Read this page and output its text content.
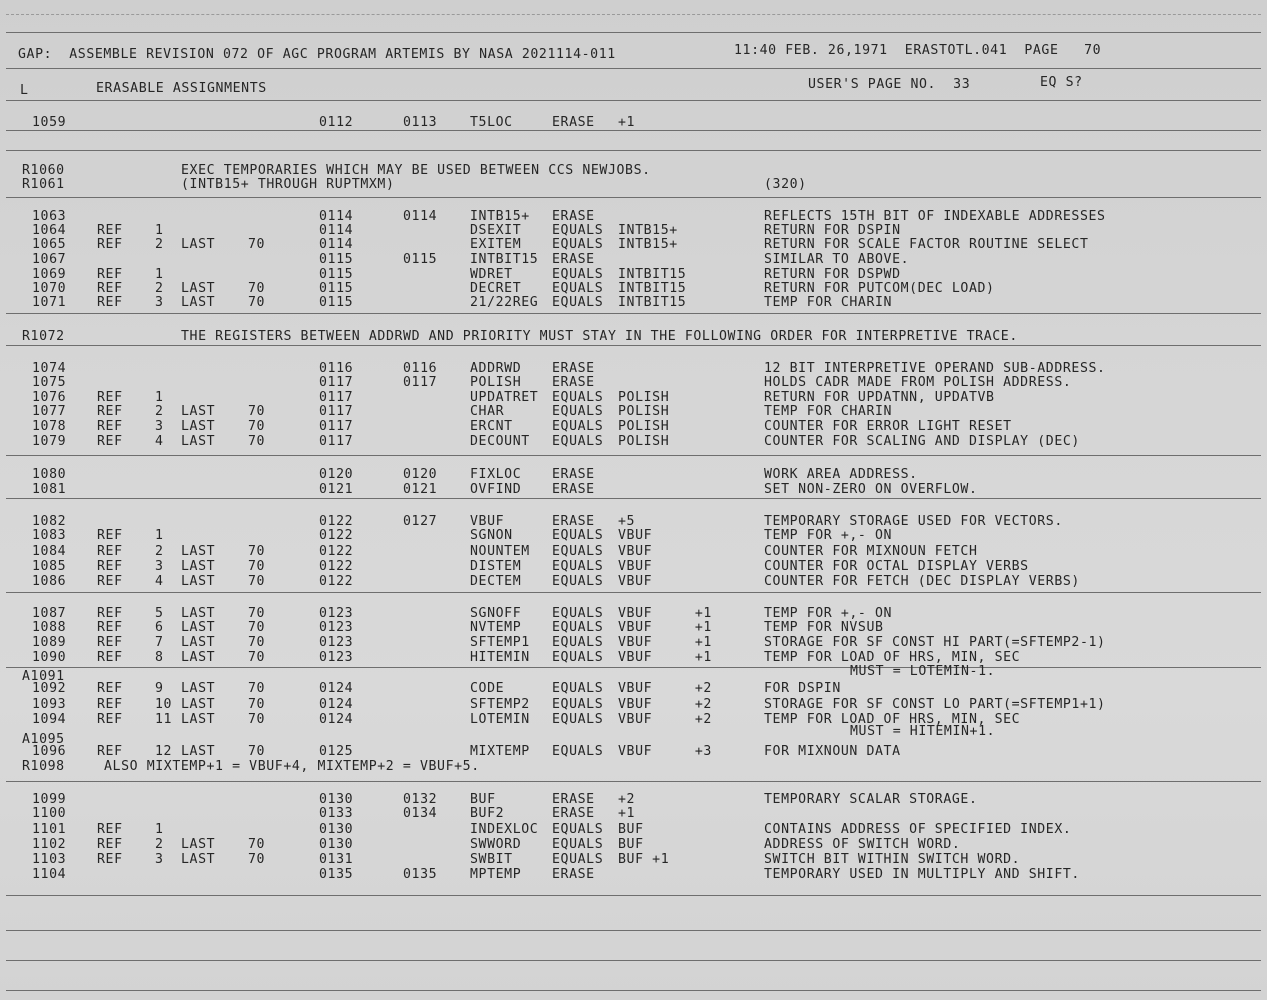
GAP:  ASSEMBLE REVISION 072 OF AGC PROGRAM ARTEMIS BY NASA 2021114-011	11:40 FEB. 26,1971  ERASTOTL.041  PAGE   70
L	ERASABLE ASSIGNMENTS	USER'S PAGE NO.  33	EQ S?
1059	0112	0113 T5LOC	ERASE +1
R1060	EXEC TEMPORARIES WHICH MAY BE USED BETWEEN CCS NEWJOBS.
R1061	(INTB15+ THROUGH RUPTMXM)	(320)
1063	0114	0114 INTB15+ ERASE	REFLECTS 15TH BIT OF INDEXABLE ADDRESSES
1064 REF 1	0114	DSEXIT EQUALS INTB15+	RETURN FOR DSPIN
1065 REF 2 LAST 70	0114	EXITEM EQUALS INTB15+	RETURN FOR SCALE FACTOR ROUTINE SELECT
1067	0115	0115 INTBIT15 ERASE	SIMILAR TO ABOVE.
1069 REF 1	0115	WDRET	EQUALS INTBIT15	RETURN FOR DSPWD
1070 REF 2 LAST 70	0115	DECRET EQUALS INTBIT15	RETURN FOR PUTCOM(DEC LOAD)
1071 REF 3 LAST 70	0115	21/22REG EQUALS INTBIT15	TEMP FOR CHARIN
R1072	THE REGISTERS BETWEEN ADDRWD AND PRIORITY MUST STAY IN THE FOLLOWING ORDER FOR INTERPRETIVE TRACE.
1074	0116	0116 ADDRWD ERASE	12 BIT INTERPRETIVE OPERAND SUB-ADDRESS.
1075	0117	0117 POLISH ERASE	HOLDS CADR MADE FROM POLISH ADDRESS.
1076 REF 1	0117	UPDATRET EQUALS POLISH	RETURN FOR UPDATNN, UPDATVB
1077 REF 2 LAST 70	0117	CHAR	EQUALS POLISH	TEMP FOR CHARIN
1078 REF 3 LAST 70	0117	ERCNT	EQUALS POLISH	COUNTER FOR ERROR LIGHT RESET
1079 REF 4 LAST 70	0117	DECOUNT EQUALS POLISH	COUNTER FOR SCALING AND DISPLAY (DEC)
1080	0120	0120 FIXLOC ERASE	WORK AREA ADDRESS.
1081	0121	0121 OVFIND ERASE	SET NON-ZERO ON OVERFLOW.
1082	0122	0127 VBUF	ERASE +5	TEMPORARY STORAGE USED FOR VECTORS.
1083 REF 1	0122	SGNON	EQUALS VBUF	TEMP FOR +,- ON
1084 REF 2 LAST 70	0122	NOUNTEM EQUALS VBUF	COUNTER FOR MIXNOUN FETCH
1085 REF 3 LAST 70	0122	DISTEM EQUALS VBUF	COUNTER FOR OCTAL DISPLAY VERBS
1086 REF 4 LAST 70	0122	DECTEM EQUALS VBUF	COUNTER FOR FETCH (DEC DISPLAY VERBS)
1087 REF 5 LAST 70	0123	SGNOFF EQUALS VBUF     +1	TEMP FOR +,- ON
1088 REF 6 LAST 70	0123	NVTEMP EQUALS VBUF     +1	TEMP FOR NVSUB
1089 REF 7 LAST 70	0123	SFTEMP1 EQUALS VBUF     +1	STORAGE FOR SF CONST HI PART(=SFTEMP2-1)
1090 REF 8 LAST 70	0123	HITEMIN EQUALS VBUF     +1	TEMP FOR LOAD OF HRS, MIN, SEC
MUST = LOTEMIN-1.
A1091
1092 REF 9 LAST 70	0124	CODE	EQUALS VBUF     +2	FOR DSPIN
1093 REF 10 LAST 70	0124	SFTEMP2 EQUALS VBUF     +2	STORAGE FOR SF CONST LO PART(=SFTEMP1+1)
1094 REF 11 LAST 70	0124	LOTEMIN EQUALS VBUF     +2	TEMP FOR LOAD OF HRS, MIN, SEC
MUST = HITEMIN+1.
A1095
1096 REF 12 LAST 70	0125	MIXTEMP EQUALS VBUF     +3	FOR MIXNOUN DATA
R1098	ALSO MIXTEMP+1 = VBUF+4, MIXTEMP+2 = VBUF+5.
1099	0130	0132 BUF	ERASE +2	TEMPORARY SCALAR STORAGE.
1100	0133	0134 BUF2	ERASE +1
1101 REF 1	0130	INDEXLOC EQUALS BUF	CONTAINS ADDRESS OF SPECIFIED INDEX.
1102 REF 2 LAST 70	0130	SWWORD EQUALS BUF	ADDRESS OF SWITCH WORD.
1103 REF 3 LAST 70	0131	SWBIT	EQUALS BUF +1	SWITCH BIT WITHIN SWITCH WORD.
1104	0135	0135 MPTEMP ERASE	TEMPORARY USED IN MULTIPLY AND SHIFT.
